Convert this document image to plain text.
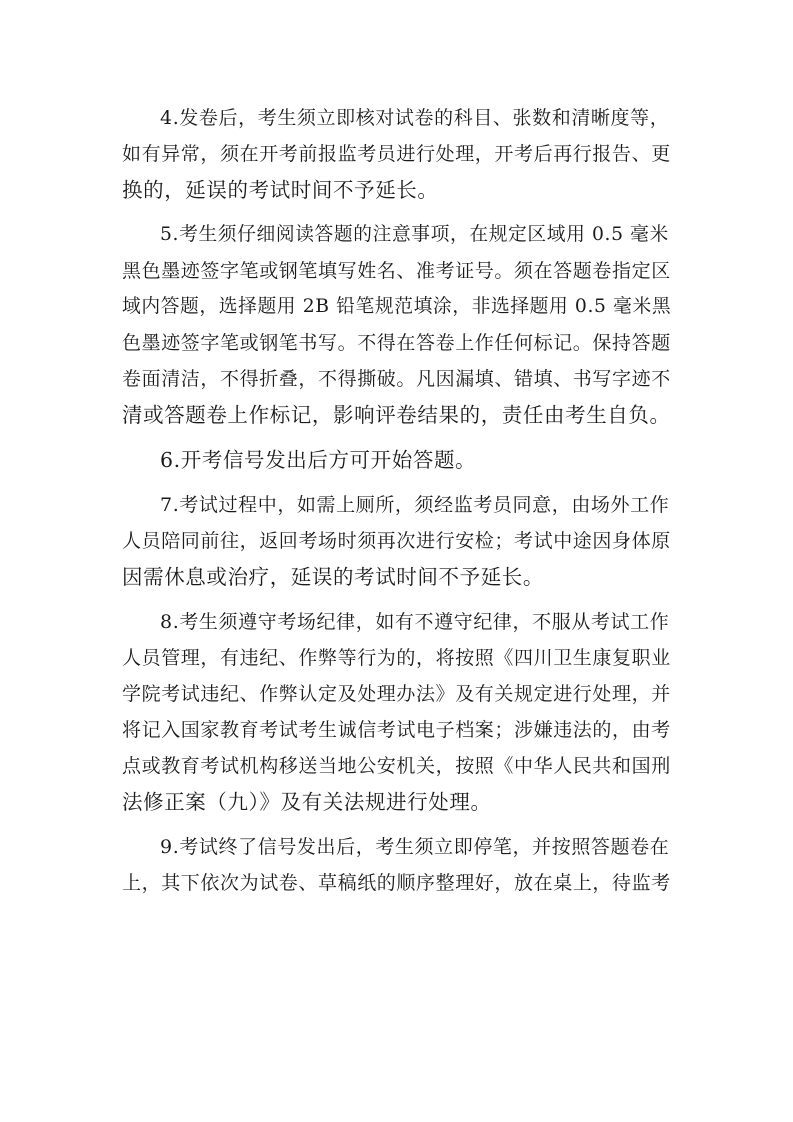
4.发卷后，考生须立即核对试卷的科目、张数和清晰度等，

如有异常，须在开考前报监考员进行处理，开考后再行报告、更

换的，延误的考试时间不予延长。

5.考生须仔细阅读答题的注意事项，在规定区域用 0.5 毫米

黑色墨迹签字笔或钢笔填写姓名、准考证号。须在答题卷指定区

域内答题，选择题用 2B 铅笔规范填涂，非选择题用 0.5 毫米黑

色墨迹签字笔或钢笔书写。不得在答卷上作任何标记。保持答题

卷面清洁，不得折叠，不得撕破。凡因漏填、错填、书写字迹不

清或答题卷上作标记，影响评卷结果的，责任由考生自负。

6.开考信号发出后方可开始答题。

7.考试过程中，如需上厕所，须经监考员同意，由场外工作

人员陪同前往，返回考场时须再次进行安检；考试中途因身体原

因需休息或治疗，延误的考试时间不予延长。

8.考生须遵守考场纪律，如有不遵守纪律，不服从考试工作

人员管理，有违纪、作弊等行为的，将按照《四川卫生康复职业

学院考试违纪、作弊认定及处理办法》及有关规定进行处理，并

将记入国家教育考试考生诚信考试电子档案；涉嫌违法的，由考

点或教育考试机构移送当地公安机关，按照《中华人民共和国刑

法修正案（九）》及有关法规进行处理。

9.考试终了信号发出后，考生须立即停笔，并按照答题卷在

上，其下依次为试卷、草稿纸的顺序整理好，放在桌上，待监考
